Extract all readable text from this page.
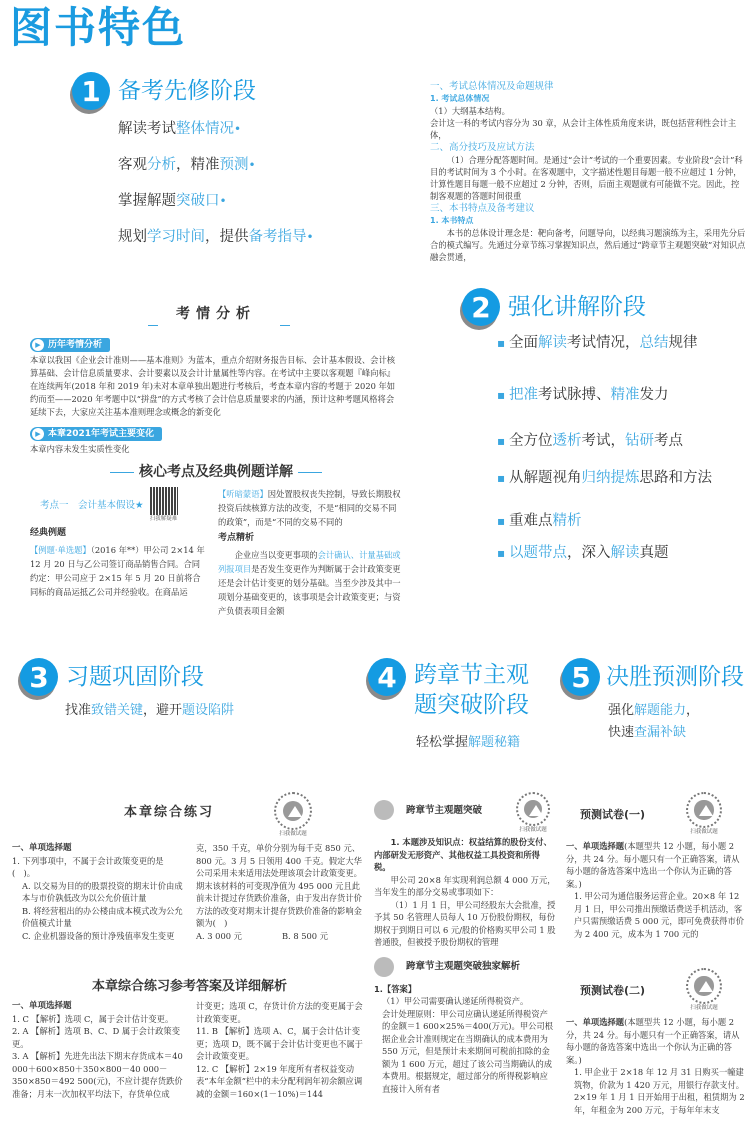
图书特色
1 备考先修阶段
解读考试整体情况•
客观分析，精准预测•
掌握解题突破口•
规划学习时间，提供备考指导•
一、考试总体情况及命题规律
1. 考试总体情况
（1）大纲基本结构。
会计这一科的考试内容分为 30 章，从会计主体性质角度来讲，既包括营利性会计主体，
二、高分技巧及应试方法

（1）合理分配答题时间。是通过“会计”考试的一个重要因素。专业阶段“会计”科目的考试时间为 3 个小时。在客观题中，文字描述性题目每题一般不应超过 1 分钟，计算性题目每题一般不应超过 2 分钟，否则，后面主观题就有可能做不完。因此，控制客观题的答题时间很重

三、本书特点及备考建议
1. 本书特点

本书的总体设计理念是：靶向备考，问题导向，以经典习题演练为主，采用先分后合的模式编写。先通过分章节练习掌握知识点，然后通过“跨章节主观题突破”对知识点融会贯通，

考情分析
▶ 历年考情分析

本章以我国《企业会计准则——基本准则》为蓝本，重点介绍财务报告目标、会计基本假设、会计核算基础、会计信息质量要求、会计要素以及会计计量属性等内容。在考试中主要以客观题『峰向标』在连续两年(2018 年和 2019 年)未对本章单独出题进行考核后，考查本章内容的考题于 2020 年如约而至——2020 年考题中以“拼盘”的方式考核了会计信息质量要求的内涵，预计这种考题风格将会延续下去，大家应关注基本准则理念或概念的新变化

▶ 本章2021年考试主要变化

本章内容未发生实质性变化

核心考点及经典例题详解
考点一　会计基本假设★
扫我解疑难
经典例题

【例题·单选题】（2016 年**）甲公司 2×14 年 12 月 20 日与乙公司签订商品销售合同。合同约定：甲公司应于 2×15 年 5 月 20 日前将合同标的商品运抵乙公司并经验收。在商品运

【听暗蒙语】因处置股权丧失控制，导致长期股权投资后续核算方法的改变，不是“相同的交易不同的政策”，而是“不同的交易不同的

考点精析

企业应当以变更事项的会计确认、计量基础或列报项目是否发生变更作为判断属于会计政策变更还是会计估计变更的划分基础。当至少涉及其中一项划分基础变更的，该事项是会计政策变更；与资产负债表项目金额

2 强化讲解阶段
▪ 全面解读考试情况，总结规律
▪ 把准考试脉搏、精准发力
▪ 全方位透析考试，钻研考点
▪ 从解题视角归纳提炼思路和方法
▪ 重难点精析
▪ 以题带点，深入解读真题
3 习题巩固阶段
找准致错关键，避开题设陷阱
4 跨章节主观
题突破阶段
轻松掌握解题秘籍
5 决胜预测阶段
强化解题能力，
快速查漏补缺
本章综合练习
扫我做试题
一、单项选择题
1. 下列事项中，不属于会计政策变更的是(　)。
A. 以交易为目的的股票投资的期末计价由成本与市价孰低改为以公允价值计量
B. 将经营租出的办公楼由成本模式改为公允价值模式计量
C. 企业机器设备的预计净残值率发生变更
克，350 千克，单价分别为每千克 850 元、800 元。3 月 5 日领用 400 千克。假定大华公司采用未来适用法处理该项会计政策变更。期末该材料的可变现净值为 495 000 元且此前未计提过存货跌价准备，由于发出存货计价方法的改变对期末计提存货跌价准备的影响金额为(　)
A. 3 000 元	B. 8 500 元
本章综合练习参考答案及详细解析
一、单项选择题
1. C 【解析】选项 C，属于会计估计变更。
2. A 【解析】选项 B、C、D 属于会计政策变更。
3. A 【解析】先进先出法下期末存货成本＝40 000＋600×850＋350×800－40 000－350×850＝492 500(元)，不应计提存货跌价准备；月末一次加权平均法下，存货单位成
计变更；选项 C，存货计价方法的变更属于会计政策变更。
11. B 【解析】选项 A、C，属于会计估计变更；选项 D，既不属于会计估计变更也不属于会计政策变更。
12. C 【解析】2×19 年度所有者权益变动表“本年金额”栏中的未分配利润年初余额应调减的金额＝160×(1－10%)＝144
跨章节主观题突破
扫我做试题

1. 本题涉及知识点：权益结算的股份支付、内部研发无形资产、其他权益工具投资和所得税。

甲公司 20×8 年实现利润总额 4 000 万元，当年发生的部分交易或事项如下：

（1）1 月 1 日，甲公司经股东大会批准，授予其 50 名管理人员每人 10 万份股份期权，每份期权于到期日可以 6 元/股的价格购买甲公司 1 股普通股，但被授予股份期权的管理

跨章节主观题突破独家解析
1.【答案】
（1）甲公司需要确认递延所得税资产。
会计处理原则：甲公司应确认递延所得税资产的金额＝1 600×25%＝400(万元)。甲公司根据企业会计准则规定在当期确认的成本费用为 550 万元，但是预计未来期间可税前扣除的金额为 1 600 万元，超过了该公司当期确认的成本费用。根据规定，超过部分的所得税影响应直接计入所有者
预测试卷(一)
扫我做试题
一、单项选择题(本题型共 12 小题，每小题 2 分，共 24 分。每小题只有一个正确答案，请从每小题的备选答案中选出一个你认为正确的答案。)
1. 甲公司为通信服务运营企业。20×8 年 12 月 1 日，甲公司推出预缴话费送手机活动，客户只需预缴话费 5 000 元，即可免费获得市价为 2 400 元，成本为 1 700 元的
预测试卷(二)
扫我做试题
一、单项选择题(本题型共 12 小题，每小题 2 分，共 24 分。每小题只有一个正确答案，请从每小题的备选答案中选出一个你认为正确的答案。)
1. 甲企业于 2×18 年 12 月 31 日购买一幢建筑物，价款为 1 420 万元，用银行存款支付。2×19 年 1 月 1 日开始用于出租，租赁期为 2 年，年租金为 200 万元，于每年年末支
